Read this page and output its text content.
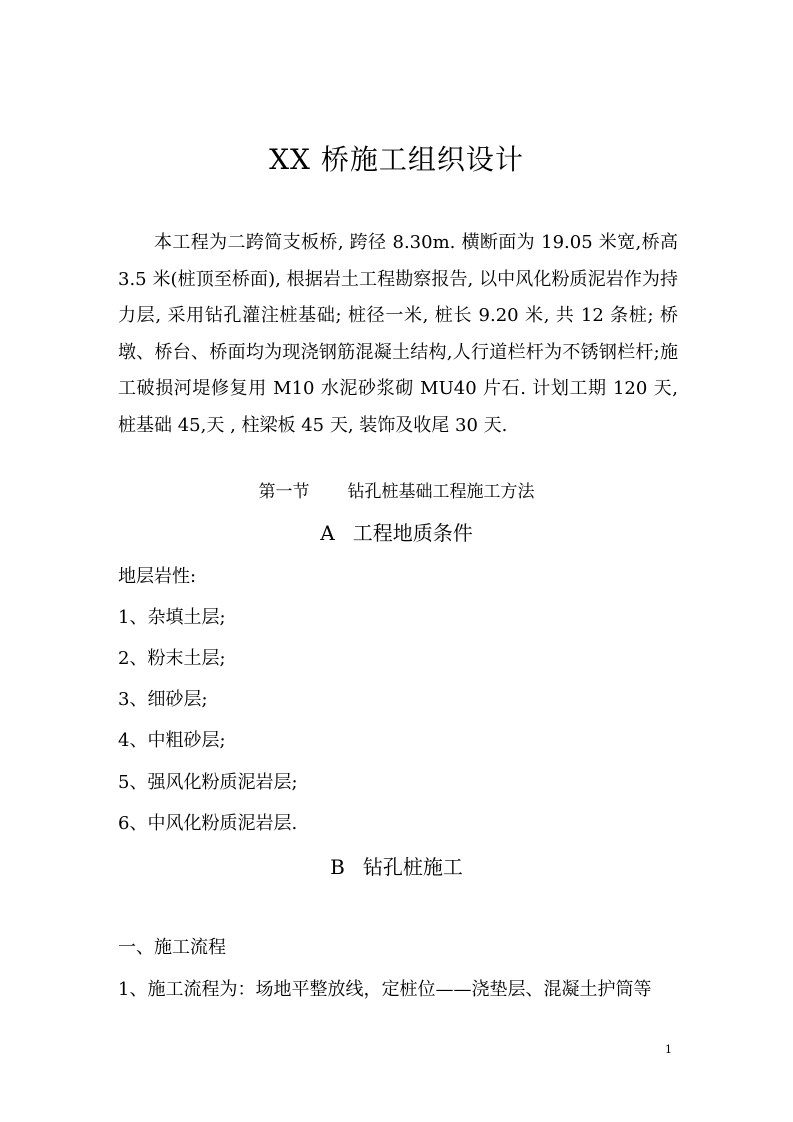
XX 桥施工组织设计
本工程为二跨简支板桥, 跨径 8.30m. 横断面为 19.05 米宽,桥高 3.5 米(桩顶至桥面), 根据岩土工程勘察报告, 以中风化粉质泥岩作为持力层, 采用钻孔灌注桩基础; 桩径一米, 桩长 9.20 米, 共 12 条桩; 桥墩、桥台、桥面均为现浇钢筋混凝土结构,人行道栏杆为不锈钢栏杆;施工破损河堤修复用 M10 水泥砂浆砌 MU40 片石. 计划工期 120 天, 桩基础 45,天 , 柱梁板 45 天, 装饰及收尾 30 天.
第一节 钻孔桩基础工程施工方法
A 工程地质条件
地层岩性:
1、杂填土层;
2、粉末土层;
3、细砂层;
4、中粗砂层;
5、强风化粉质泥岩层;
6、中风化粉质泥岩层.
B 钻孔桩施工
一、施工流程
1、施工流程为：场地平整放线，定桩位——浇垫层、混凝土护筒等
1
